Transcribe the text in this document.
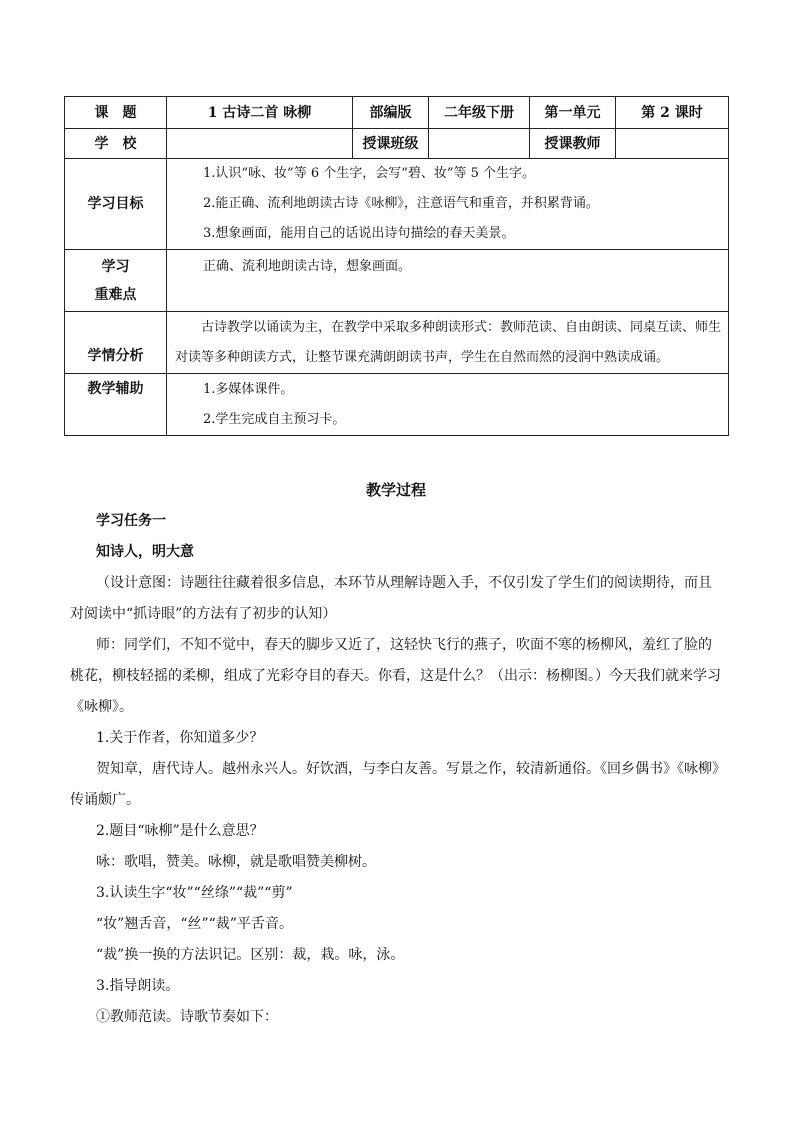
课　题	1 古诗二首 咏柳	部编版	二年级下册	第一单元	第 2 课时
学　校		授课班级		授课教师	
学习目标	1.认识“咏、妆”等 6 个生字，会写“碧、妆”等 5 个生字。
2.能正确、流利地朗读古诗《咏柳》，注意语气和重音，并积累背诵。
3.想象画面，能用自己的话说出诗句描绘的春天美景。				

学习
重难点	正确、流利地朗读古诗，想象画面。				

学情分析	古诗教学以诵读为主，在教学中采取多种朗读形式：教师范读、自由朗读、同桌互读、师生对读等多种朗读方式，让整节课充满朗朗读书声，学生在自然而然的浸润中熟读成诵。				

教学辅助	1.多媒体课件。
2.学生完成自主预习卡。				
教学过程

学习任务一

知诗人，明大意

（设计意图：诗题往往藏着很多信息，本环节从理解诗题入手，不仅引发了学生们的阅读期待，而且

对阅读中“抓诗眼”的方法有了初步的认知）

师：同学们，不知不觉中，春天的脚步又近了，这轻快飞行的燕子，吹面不寒的杨柳风，羞红了脸的

桃花，柳枝轻摇的柔柳，组成了光彩夺目的春天。你看，这是什么？（出示：杨柳图。）今天我们就来学习

《咏柳》。

1.关于作者，你知道多少？

贺知章，唐代诗人。越州永兴人。好饮酒，与李白友善。写景之作，较清新通俗。《回乡偶书》《咏柳》

传诵颇广。

2.题目“咏柳”是什么意思？

咏：歌唱，赞美。咏柳，就是歌唱赞美柳树。

3.认读生字“妆”“丝绦”“裁”“剪”

“妆”翘舌音，“丝”“裁”平舌音。

“裁”换一换的方法识记。区别：裁，栽。咏，泳。

3.指导朗读。

①教师范读。诗歌节奏如下：
